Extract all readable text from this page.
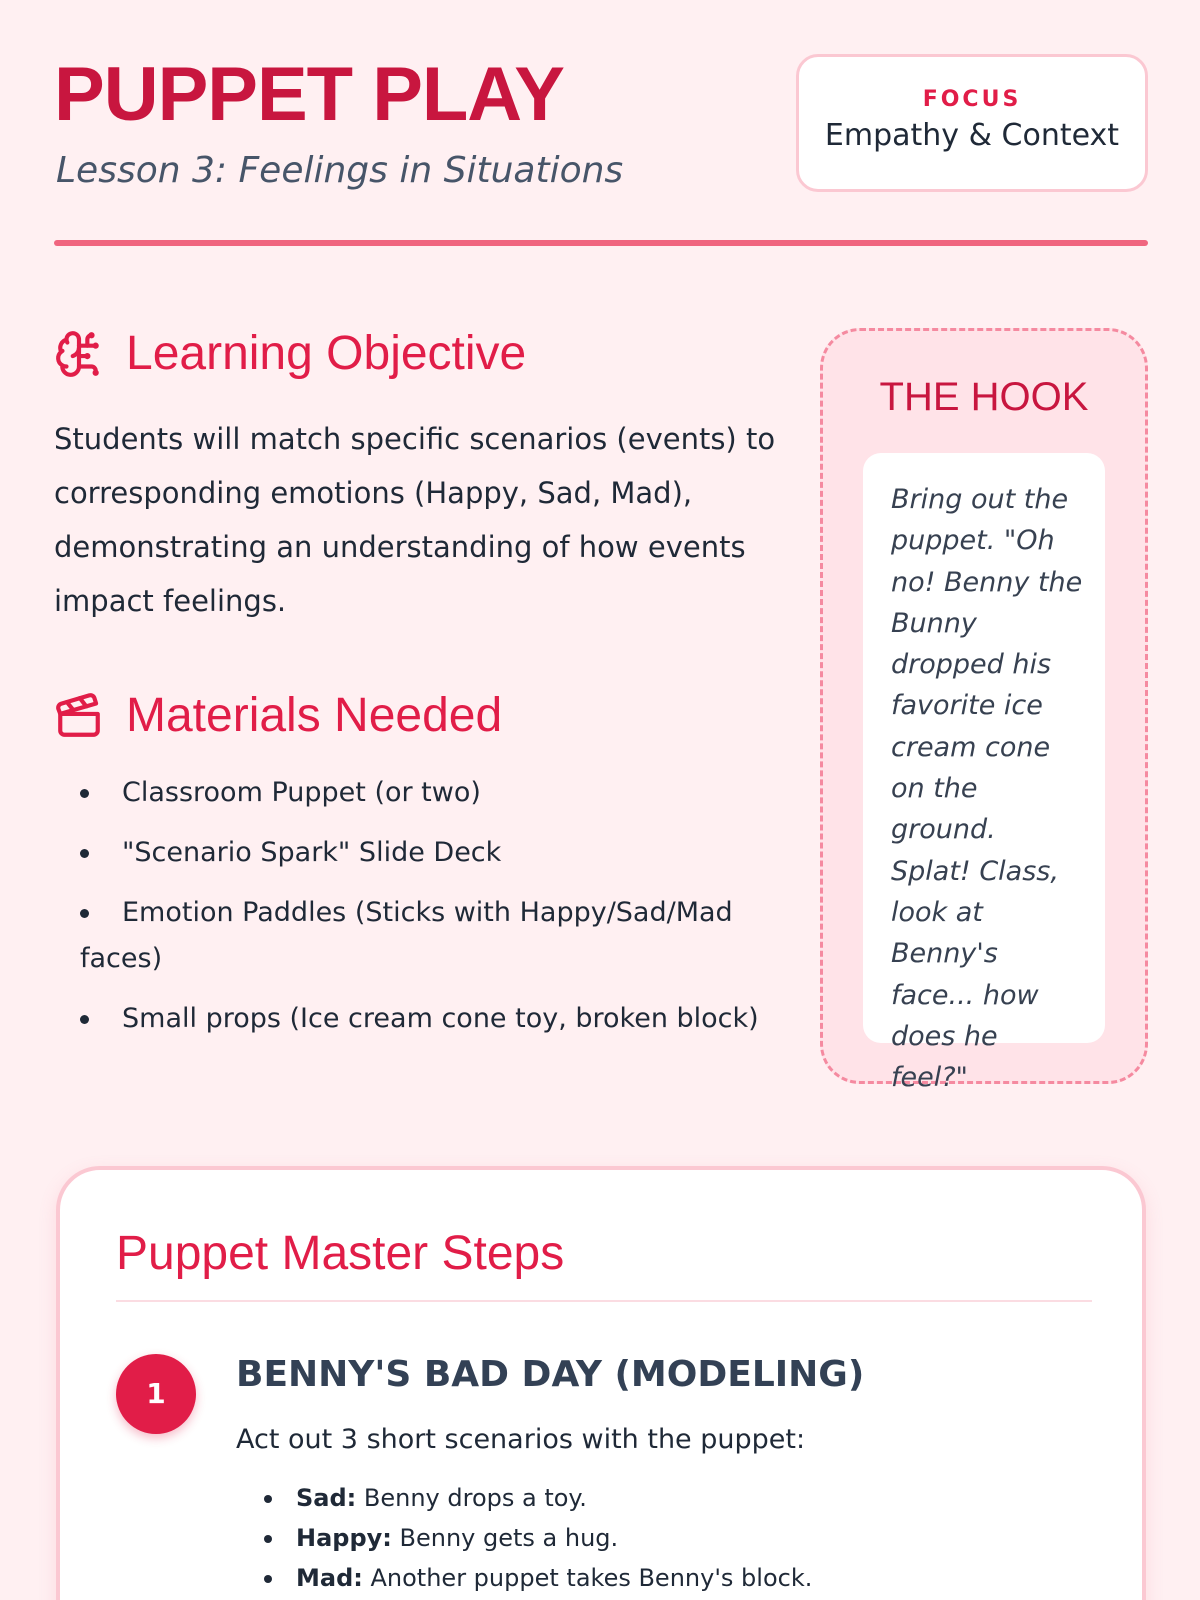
PUPPET PLAY
Lesson 3: Feelings in Situations
FOCUS
Empathy & Context
Learning Objective

Students will match specific scenarios (events) to corresponding emotions (Happy, Sad, Mad), demonstrating an understanding of how events impact feelings.

Materials Needed
Classroom Puppet (or two)
"Scenario Spark" Slide Deck
Emotion Paddles (Sticks with Happy/Sad/Mad faces)
Small props (Ice cream cone toy, broken block)
THE HOOK

Bring out the puppet. "Oh no! Benny the Bunny dropped his favorite ice cream cone on the ground. Splat! Class, look at Benny's face... how does he feel?"

Puppet Master Steps
1	BENNY'S BAD DAY (MODELING)
Act out 3 short scenarios with the puppet:
Sad: Benny drops a toy.
Happy: Benny gets a hug.
Mad: Another puppet takes Benny's block.
